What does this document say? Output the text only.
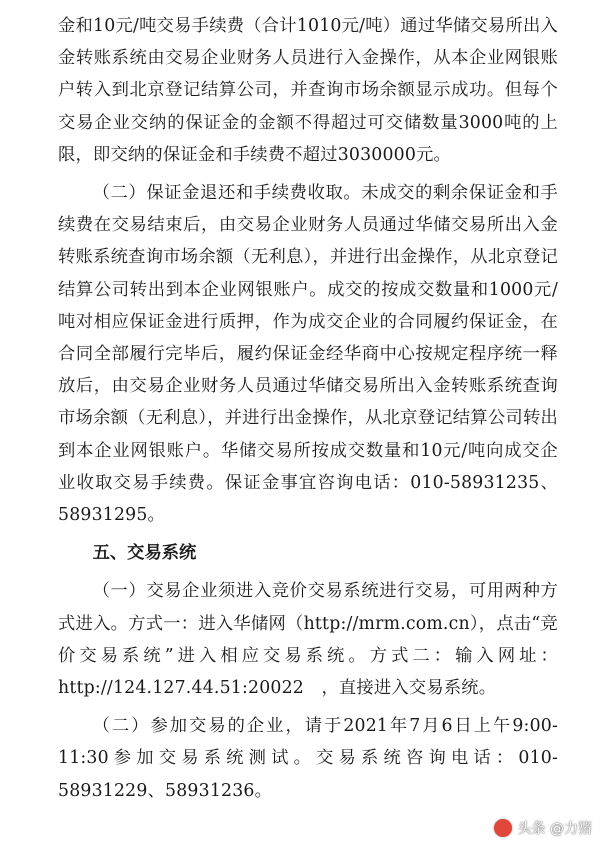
金和10元/吨交易手续费（合计1010元/吨）通过华储交易所出入金转账系统由交易企业财务人员进行入金操作，从本企业网银账户转入到北京登记结算公司，并查询市场余额显示成功。但每个交易企业交纳的保证金的金额不得超过可交储数量3000吨的上限，即交纳的保证金和手续费不超过3030000元。

（二）保证金退还和手续费收取。未成交的剩余保证金和手续费在交易结束后，由交易企业财务人员通过华储交易所出入金转账系统查询市场余额（无利息），并进行出金操作，从北京登记结算公司转出到本企业网银账户。成交的按成交数量和1000元/吨对相应保证金进行质押，作为成交企业的合同履约保证金，在合同全部履行完毕后，履约保证金经华商中心按规定程序统一释放后，由交易企业财务人员通过华储交易所出入金转账系统查询市场余额（无利息），并进行出金操作，从北京登记结算公司转出到本企业网银账户。华储交易所按成交数量和10元/吨向成交企业收取交易手续费。保证金事宜咨询电话：010-58931235、58931295。

五、交易系统

（一）交易企业须进入竞价交易系统进行交易，可用两种方式进入。方式一：进入华储网（http://mrm.com.cn），点击“竞价交易系统”进入相应交易系统。方式二：输入网址：http://124.127.44.51:20022　，直接进入交易系统。

（二）参加交易的企业，请于2021年7月6日上午9:00-11:30参加交易系统测试。交易系统咨询电话：010-58931229、58931236。

头条 @力猪
